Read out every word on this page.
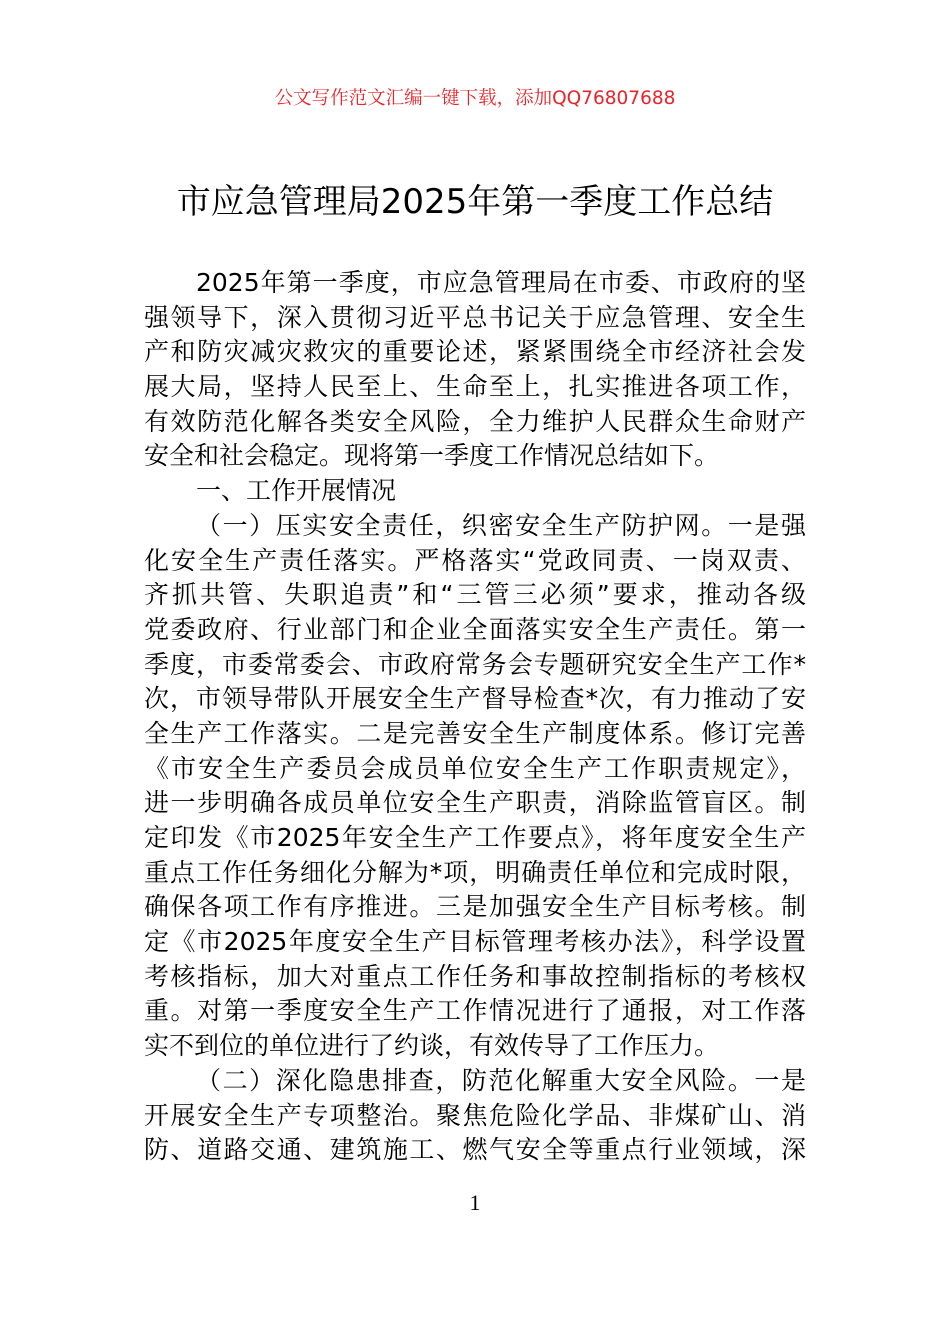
公文写作范文汇编一键下载，添加QQ76807688
市应急管理局2025年第一季度工作总结
2025年第一季度，市应急管理局在市委、市政府的坚
强领导下，深入贯彻习近平总书记关于应急管理、安全生
产和防灾减灾救灾的重要论述，紧紧围绕全市经济社会发
展大局，坚持人民至上、生命至上，扎实推进各项工作，
有效防范化解各类安全风险，全力维护人民群众生命财产
安全和社会稳定。现将第一季度工作情况总结如下。
一、工作开展情况
（一）压实安全责任，织密安全生产防护网。一是强
化安全生产责任落实。严格落实“党政同责、一岗双责、
齐抓共管、失职追责”和“三管三必须”要求，推动各级
党委政府、行业部门和企业全面落实安全生产责任。第一
季度，市委常委会、市政府常务会专题研究安全生产工作*
次，市领导带队开展安全生产督导检查*次，有力推动了安
全生产工作落实。二是完善安全生产制度体系。修订完善
《市安全生产委员会成员单位安全生产工作职责规定》，
进一步明确各成员单位安全生产职责，消除监管盲区。制
定印发《市2025年安全生产工作要点》，将年度安全生产
重点工作任务细化分解为*项，明确责任单位和完成时限，
确保各项工作有序推进。三是加强安全生产目标考核。制
定《市2025年度安全生产目标管理考核办法》，科学设置
考核指标，加大对重点工作任务和事故控制指标的考核权
重。对第一季度安全生产工作情况进行了通报，对工作落
实不到位的单位进行了约谈，有效传导了工作压力。
（二）深化隐患排查，防范化解重大安全风险。一是
开展安全生产专项整治。聚焦危险化学品、非煤矿山、消
防、道路交通、建筑施工、燃气安全等重点行业领域，深
1
